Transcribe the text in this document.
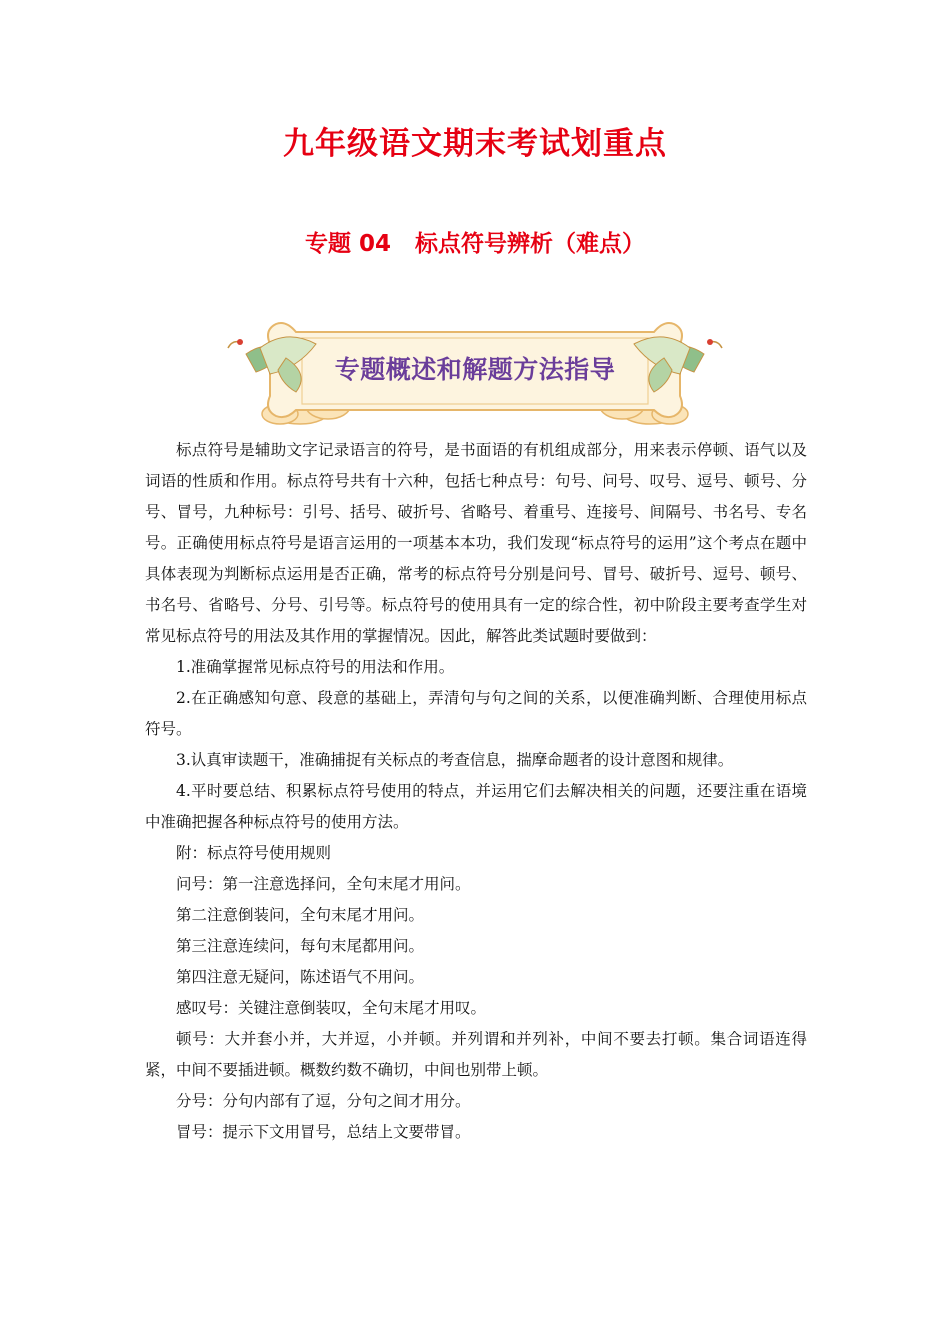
九年级语文期末考试划重点
专题 04 标点符号辨析（难点）
专题概述和解题方法指导

标点符号是辅助文字记录语言的符号，是书面语的有机组成部分，用来表示停顿、语气以及词语的性质和作用。标点符号共有十六种，包括七种点号：句号、问号、叹号、逗号、顿号、分号、冒号，九种标号：引号、括号、破折号、省略号、着重号、连接号、间隔号、书名号、专名号。正确使用标点符号是语言运用的一项基本本功，我们发现“标点符号的运用”这个考点在题中具体表现为判断标点运用是否正确，常考的标点符号分别是问号、冒号、破折号、逗号、顿号、书名号、省略号、分号、引号等。标点符号的使用具有一定的综合性，初中阶段主要考查学生对常见标点符号的用法及其作用的掌握情况。因此，解答此类试题时要做到：

1.准确掌握常见标点符号的用法和作用。

2.在正确感知句意、段意的基础上，弄清句与句之间的关系，以便准确判断、合理使用标点符号。

3.认真审读题干，准确捕捉有关标点的考查信息，揣摩命题者的设计意图和规律。

4.平时要总结、积累标点符号使用的特点，并运用它们去解决相关的问题，还要注重在语境中准确把握各种标点符号的使用方法。

附：标点符号使用规则

问号：第一注意选择问，全句末尾才用问。

第二注意倒装问，全句末尾才用问。

第三注意连续问，每句末尾都用问。

第四注意无疑问，陈述语气不用问。

感叹号：关键注意倒装叹，全句末尾才用叹。

顿号：大并套小并，大并逗，小并顿。并列谓和并列补，中间不要去打顿。集合词语连得紧，中间不要插进顿。概数约数不确切，中间也别带上顿。

分号：分句内部有了逗，分句之间才用分。

冒号：提示下文用冒号，总结上文要带冒。
